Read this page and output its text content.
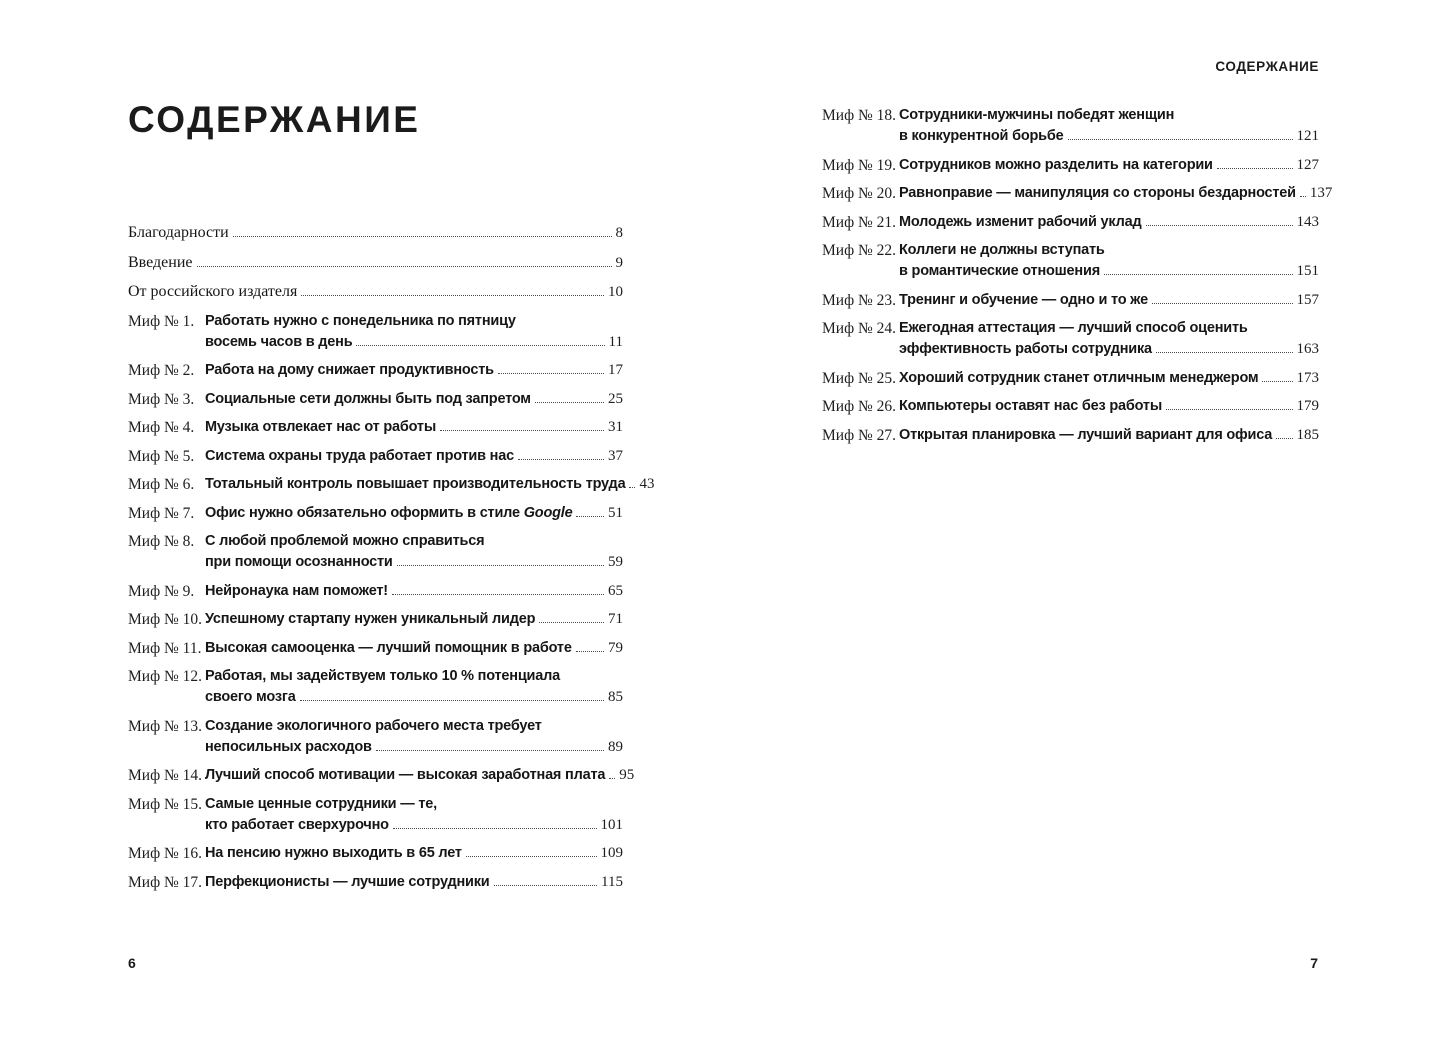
СОДЕРЖАНИЕ
Благодарности	8
Введение	9
От российского издателя	10
Миф № 1. Работать нужно с понедельника по пятницу
восемь часов в день	11
Миф № 2. Работа на дому снижает продуктивность	17
Миф № 3. Социальные сети должны быть под запретом	25
Миф № 4. Музыка отвлекает нас от работы	31
Миф № 5. Система охраны труда работает против нас	37
Миф № 6. Тотальный контроль повышает производительность труда 43
Миф № 7. Офис нужно обязательно оформить в стиле Google 51
Миф № 8. С любой проблемой можно справиться
при помощи осознанности	59
Миф № 9. Нейронаука нам поможет!	65
Миф № 10. Успешному стартапу нужен уникальный лидер	71
Миф № 11. Высокая самооценка — лучший помощник в работе 79
Миф № 12. Работая, мы задействуем только 10 % потенциала
своего мозга	85
Миф № 13. Создание экологичного рабочего места требует
непосильных расходов	89
Миф № 14. Лучший способ мотивации — высокая заработная плата 95
Миф № 15. Самые ценные сотрудники — те,
кто работает сверхурочно	101
Миф № 16. На пенсию нужно выходить в 65 лет	109
Миф № 17. Перфекционисты — лучшие сотрудники	115
СОДЕРЖАНИЕ
Миф № 18. Сотрудники-мужчины победят женщин
в конкурентной борьбе	121
Миф № 19. Сотрудников можно разделить на категории	127
Миф № 20. Равноправие — манипуляция со стороны бездарностей 137
Миф № 21. Молодежь изменит рабочий уклад	143
Миф № 22. Коллеги не должны вступать
в романтические отношения	151
Миф № 23. Тренинг и обучение — одно и то же	157
Миф № 24. Ежегодная аттестация — лучший способ оценить
эффективность работы сотрудника	163
Миф № 25. Хороший сотрудник станет отличным менеджером	173
Миф № 26. Компьютеры оставят нас без работы	179
Миф № 27. Открытая планировка — лучший вариант для офиса 185
6	7
